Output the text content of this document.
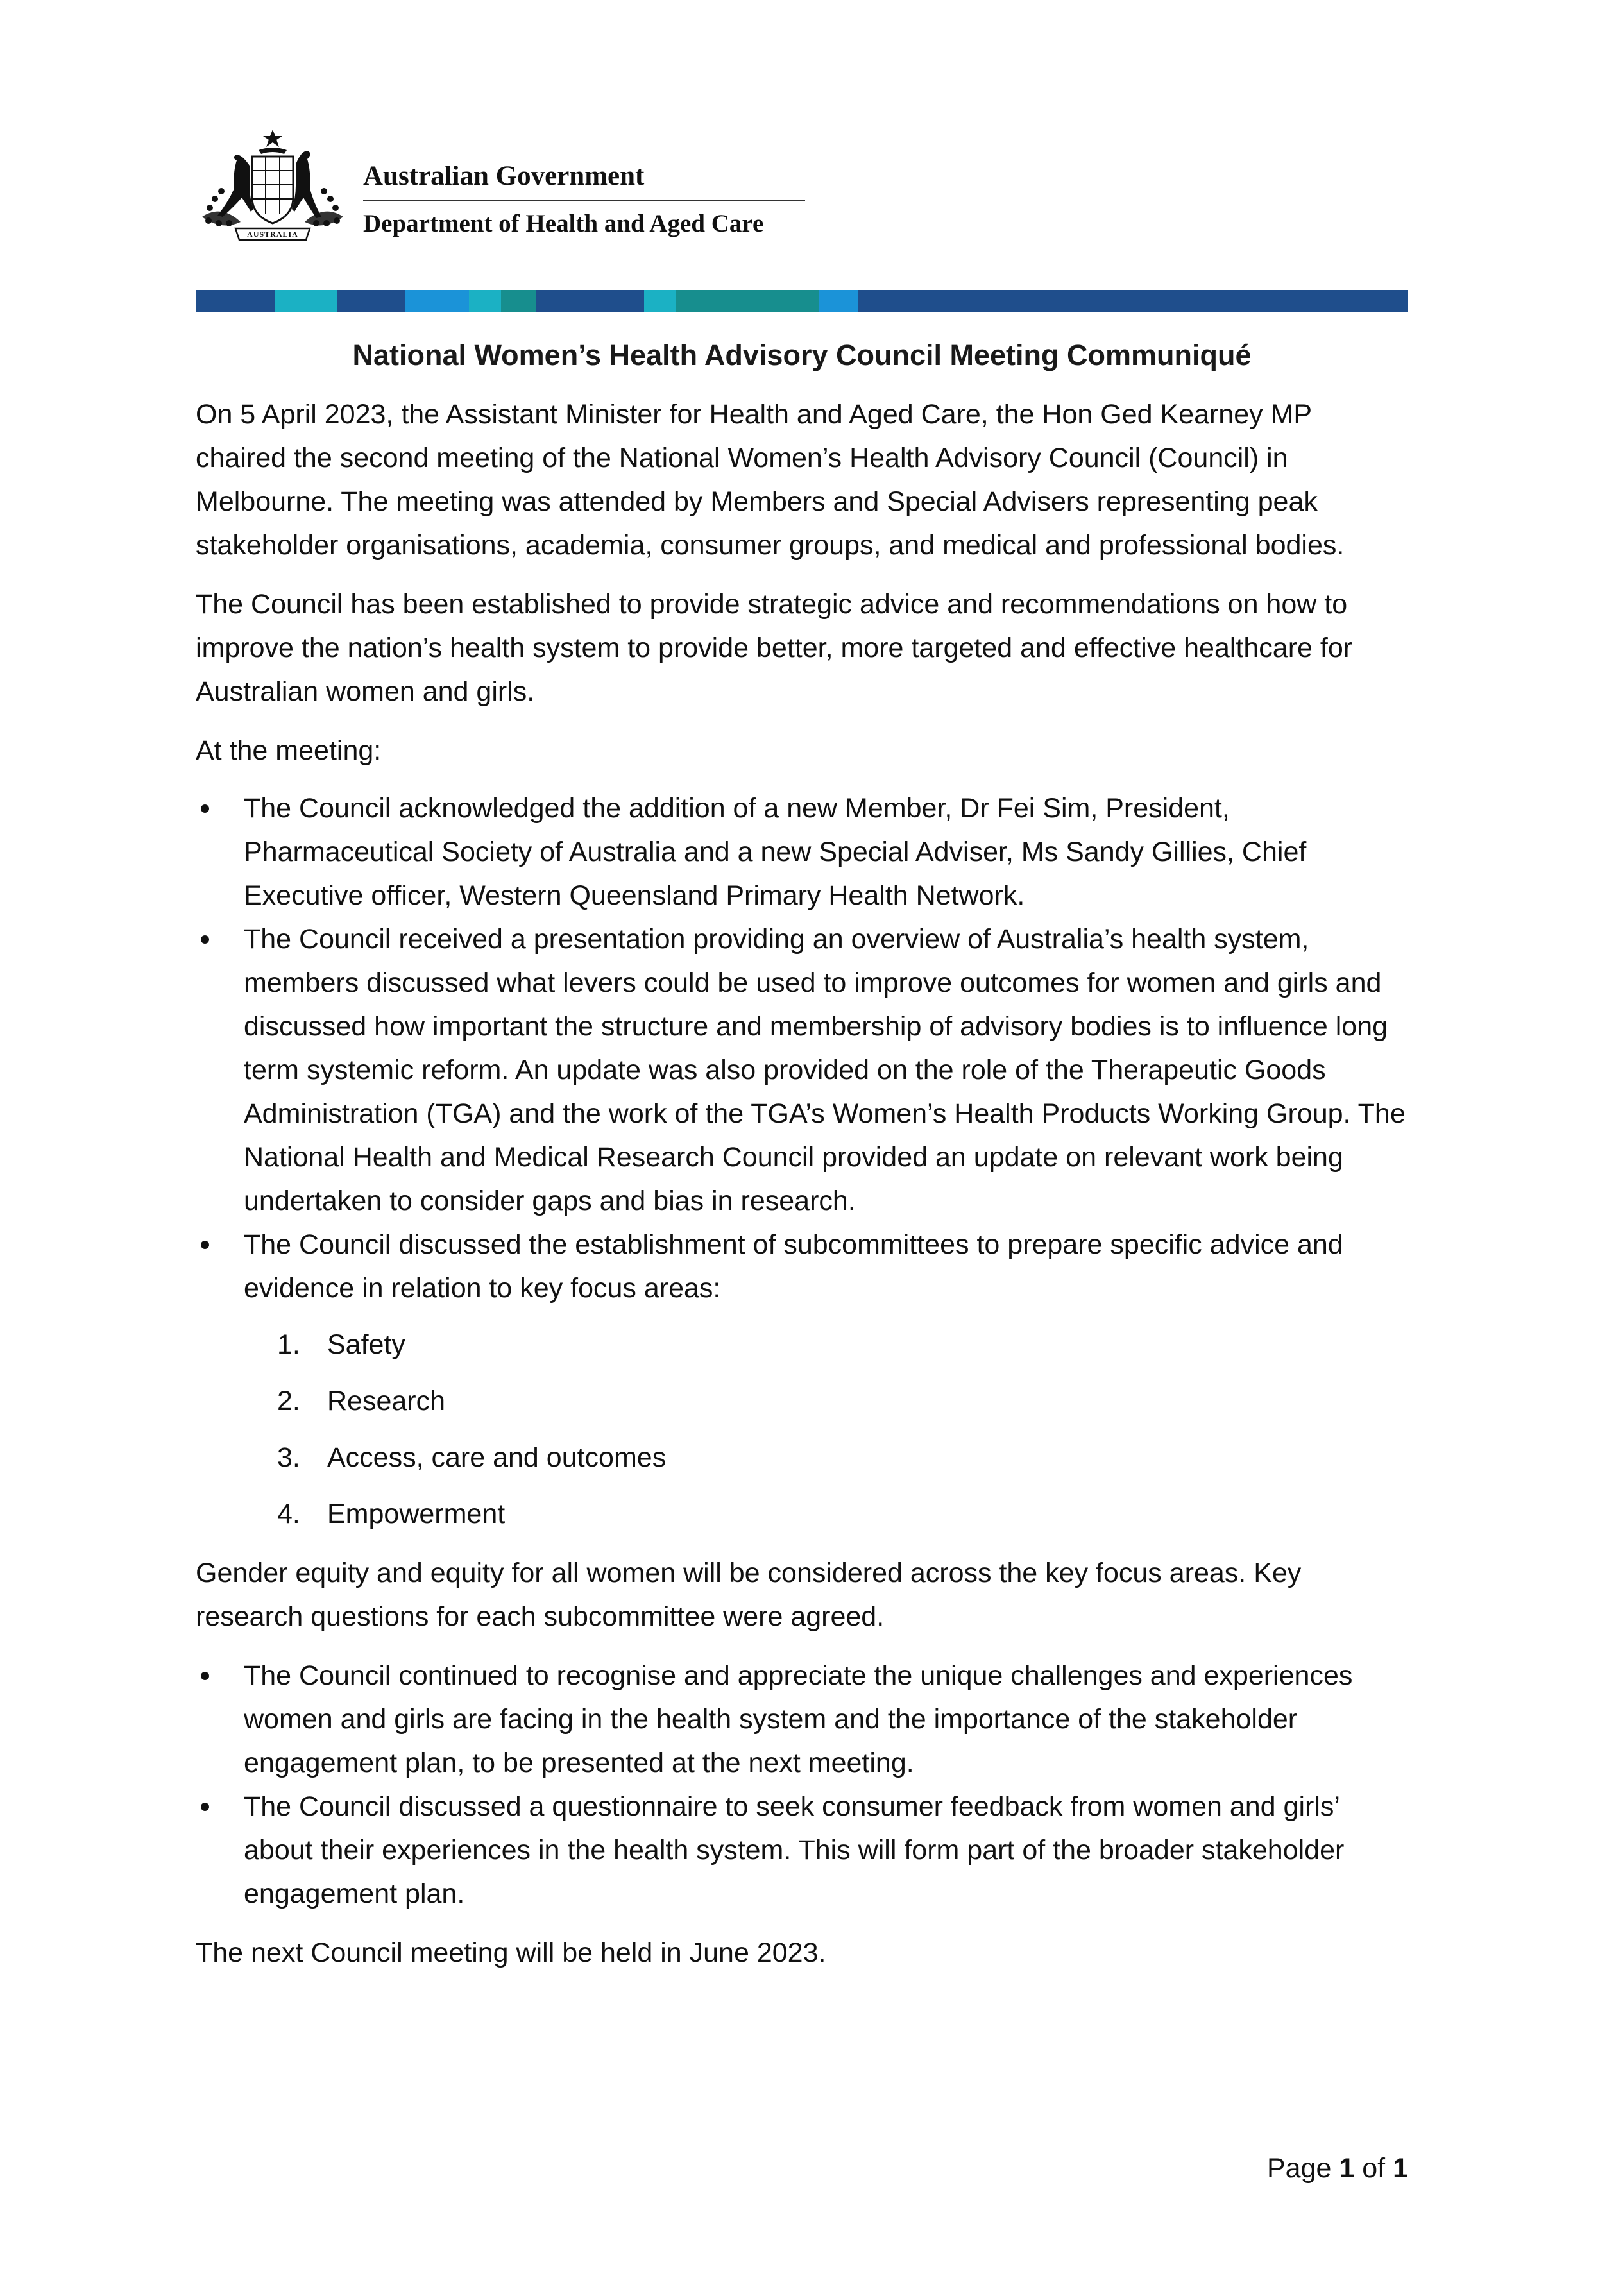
AUSTRALIA
Australian Government
Department of Health and Aged Care
National Women’s Health Advisory Council Meeting Communiqué

On 5 April 2023, the Assistant Minister for Health and Aged Care, the Hon Ged Kearney MP chaired the second meeting of the National Women’s Health Advisory Council (Council) in Melbourne. The meeting was attended by Members and Special Advisers representing peak stakeholder organisations, academia, consumer groups, and medical and professional bodies.

The Council has been established to provide strategic advice and recommendations on how to improve the nation’s health system to provide better, more targeted and effective healthcare for Australian women and girls.

At the meeting:

The Council acknowledged the addition of a new Member, Dr Fei Sim, President, Pharmaceutical Society of Australia and a new Special Adviser, Ms Sandy Gillies, Chief Executive officer, Western Queensland Primary Health Network.
The Council received a presentation providing an overview of Australia’s health system, members discussed what levers could be used to improve outcomes for women and girls and discussed how important the structure and membership of advisory bodies is to influence long term systemic reform. An update was also provided on the role of the Therapeutic Goods Administration (TGA) and the work of the TGA’s Women’s Health Products Working Group. The National Health and Medical Research Council provided an update on relevant work being undertaken to consider gaps and bias in research.
The Council discussed the establishment of subcommittees to prepare specific advice and evidence in relation to key focus areas:
1. Safety
2. Research
3. Access, care and outcomes
4. Empowerment

Gender equity and equity for all women will be considered across the key focus areas. Key research questions for each subcommittee were agreed.

The Council continued to recognise and appreciate the unique challenges and experiences women and girls are facing in the health system and the importance of the stakeholder engagement plan, to be presented at the next meeting.
The Council discussed a questionnaire to seek consumer feedback from women and girls’ about their experiences in the health system. This will form part of the broader stakeholder engagement plan.

The next Council meeting will be held in June 2023.

Page 1 of 1
